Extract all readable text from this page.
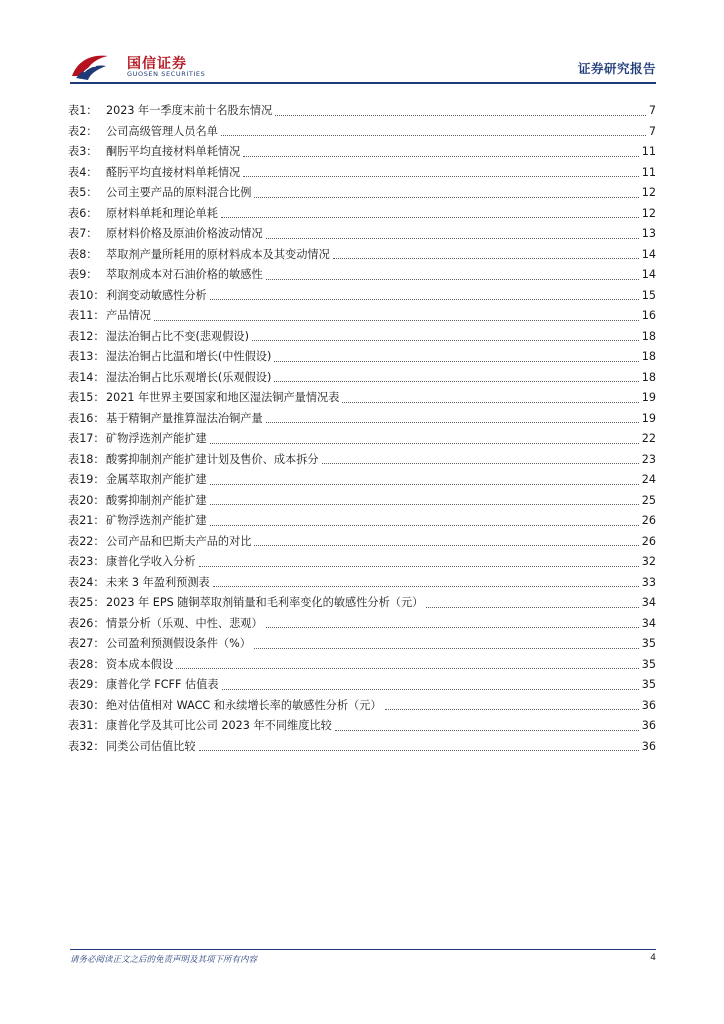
国信证券
GUOSEN SECURITIES	证券研究报告
表1： 2023 年一季度末前十名股东情况	7
表2： 公司高级管理人员名单	7
表3： 酮肟平均直接材料单耗情况	11
表4： 醛肟平均直接材料单耗情况	11
表5： 公司主要产品的原料混合比例	12
表6： 原材料单耗和理论单耗	12
表7： 原材料价格及原油价格波动情况	13
表8： 萃取剂产量所耗用的原材料成本及其变动情况	14
表9： 萃取剂成本对石油价格的敏感性	14
表10： 利润变动敏感性分析	15
表11： 产品情况	16
表12： 湿法冶铜占比不变(悲观假设)	18
表13： 湿法冶铜占比温和增长(中性假设)	18
表14： 湿法冶铜占比乐观增长(乐观假设)	18
表15： 2021 年世界主要国家和地区湿法铜产量情况表	19
表16： 基于精铜产量推算湿法冶铜产量	19
表17： 矿物浮选剂产能扩建	22
表18： 酸雾抑制剂产能扩建计划及售价、成本拆分	23
表19： 金属萃取剂产能扩建	24
表20： 酸雾抑制剂产能扩建	25
表21： 矿物浮选剂产能扩建	26
表22： 公司产品和巴斯夫产品的对比	26
表23： 康普化学收入分析	32
表24： 未来 3 年盈利预测表	33
表25： 2023 年 EPS 随铜萃取剂销量和毛利率变化的敏感性分析（元）	34
表26： 情景分析（乐观、中性、悲观）	34
表27： 公司盈利预测假设条件（%）	35
表28： 资本成本假设	35
表29： 康普化学 FCFF 估值表	35
表30： 绝对估值相对 WACC 和永续增长率的敏感性分析（元）	36
表31： 康普化学及其可比公司 2023 年不同维度比较	36
表32： 同类公司估值比较	36
请务必阅读正文之后的免责声明及其项下所有内容	4
